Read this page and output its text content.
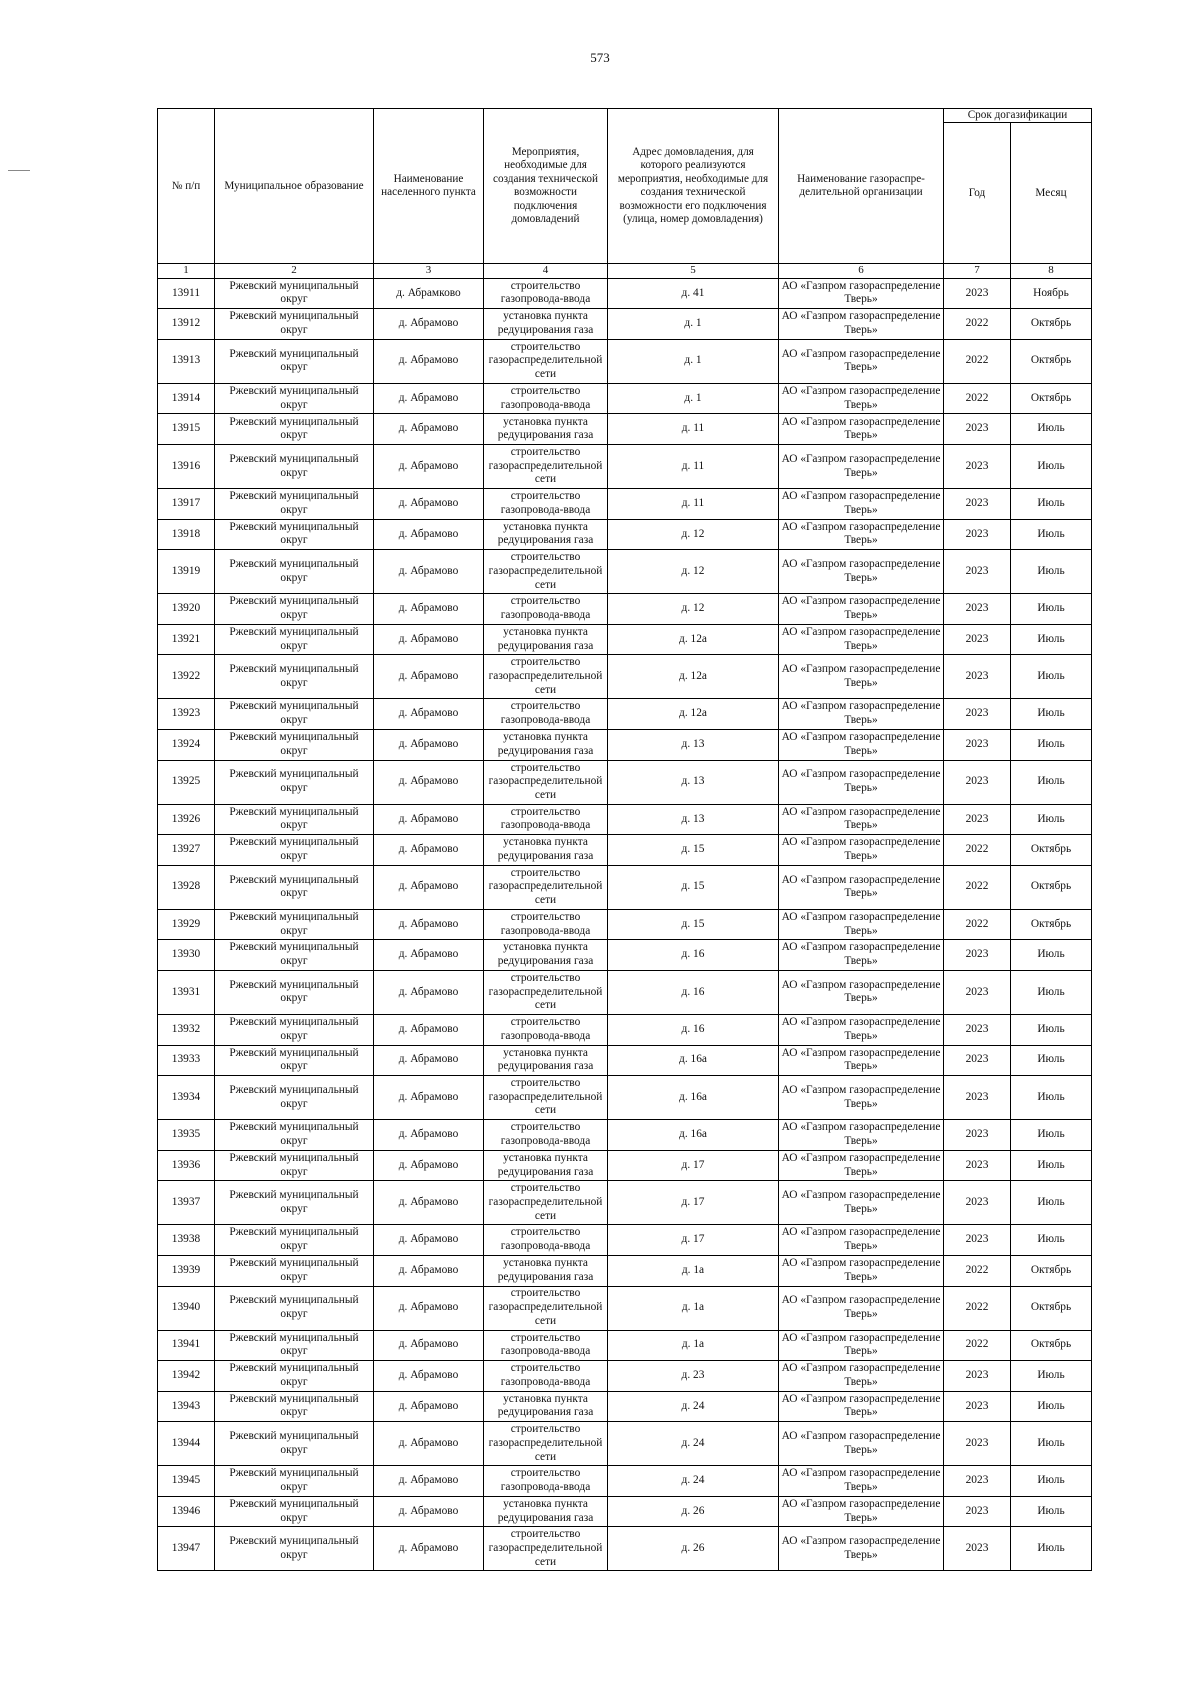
573
№ п/п	Муниципальное образование	Наименование населенного пункта	Мероприятия, необходимые для создания технической возможности подключения домовладений	Адрес домовладения, для которого реализуются мероприятия, необходимые для создания технической возможности его подключения (улица, номер домовладения)	Наименование газораспре-делительной организации	Срок догазификации	
						Год	Месяц
1	2	3	4	5	6	7	8
13911	Ржевский муниципальный округ	д. Абрамково	строительство газопровода-ввода	д. 41	АО «Газпром газораспределение Тверь»	2023	Ноябрь
13912	Ржевский муниципальный округ	д. Абрамово	установка пункта редуцирования газа	д. 1	АО «Газпром газораспределение Тверь»	2022	Октябрь
13913	Ржевский муниципальный округ	д. Абрамово	строительство газораспределительной сети	д. 1	АО «Газпром газораспределение Тверь»	2022	Октябрь
13914	Ржевский муниципальный округ	д. Абрамово	строительство газопровода-ввода	д. 1	АО «Газпром газораспределение Тверь»	2022	Октябрь
13915	Ржевский муниципальный округ	д. Абрамово	установка пункта редуцирования газа	д. 11	АО «Газпром газораспределение Тверь»	2023	Июль
13916	Ржевский муниципальный округ	д. Абрамово	строительство газораспределительной сети	д. 11	АО «Газпром газораспределение Тверь»	2023	Июль
13917	Ржевский муниципальный округ	д. Абрамово	строительство газопровода-ввода	д. 11	АО «Газпром газораспределение Тверь»	2023	Июль
13918	Ржевский муниципальный округ	д. Абрамово	установка пункта редуцирования газа	д. 12	АО «Газпром газораспределение Тверь»	2023	Июль
13919	Ржевский муниципальный округ	д. Абрамово	строительство газораспределительной сети	д. 12	АО «Газпром газораспределение Тверь»	2023	Июль
13920	Ржевский муниципальный округ	д. Абрамово	строительство газопровода-ввода	д. 12	АО «Газпром газораспределение Тверь»	2023	Июль
13921	Ржевский муниципальный округ	д. Абрамово	установка пункта редуцирования газа	д. 12а	АО «Газпром газораспределение Тверь»	2023	Июль
13922	Ржевский муниципальный округ	д. Абрамово	строительство газораспределительной сети	д. 12а	АО «Газпром газораспределение Тверь»	2023	Июль
13923	Ржевский муниципальный округ	д. Абрамово	строительство газопровода-ввода	д. 12а	АО «Газпром газораспределение Тверь»	2023	Июль
13924	Ржевский муниципальный округ	д. Абрамово	установка пункта редуцирования газа	д. 13	АО «Газпром газораспределение Тверь»	2023	Июль
13925	Ржевский муниципальный округ	д. Абрамово	строительство газораспределительной сети	д. 13	АО «Газпром газораспределение Тверь»	2023	Июль
13926	Ржевский муниципальный округ	д. Абрамово	строительство газопровода-ввода	д. 13	АО «Газпром газораспределение Тверь»	2023	Июль
13927	Ржевский муниципальный округ	д. Абрамово	установка пункта редуцирования газа	д. 15	АО «Газпром газораспределение Тверь»	2022	Октябрь
13928	Ржевский муниципальный округ	д. Абрамово	строительство газораспределительной сети	д. 15	АО «Газпром газораспределение Тверь»	2022	Октябрь
13929	Ржевский муниципальный округ	д. Абрамово	строительство газопровода-ввода	д. 15	АО «Газпром газораспределение Тверь»	2022	Октябрь
13930	Ржевский муниципальный округ	д. Абрамово	установка пункта редуцирования газа	д. 16	АО «Газпром газораспределение Тверь»	2023	Июль
13931	Ржевский муниципальный округ	д. Абрамово	строительство газораспределительной сети	д. 16	АО «Газпром газораспределение Тверь»	2023	Июль
13932	Ржевский муниципальный округ	д. Абрамово	строительство газопровода-ввода	д. 16	АО «Газпром газораспределение Тверь»	2023	Июль
13933	Ржевский муниципальный округ	д. Абрамово	установка пункта редуцирования газа	д. 16а	АО «Газпром газораспределение Тверь»	2023	Июль
13934	Ржевский муниципальный округ	д. Абрамово	строительство газораспределительной сети	д. 16а	АО «Газпром газораспределение Тверь»	2023	Июль
13935	Ржевский муниципальный округ	д. Абрамово	строительство газопровода-ввода	д. 16а	АО «Газпром газораспределение Тверь»	2023	Июль
13936	Ржевский муниципальный округ	д. Абрамово	установка пункта редуцирования газа	д. 17	АО «Газпром газораспределение Тверь»	2023	Июль
13937	Ржевский муниципальный округ	д. Абрамово	строительство газораспределительной сети	д. 17	АО «Газпром газораспределение Тверь»	2023	Июль
13938	Ржевский муниципальный округ	д. Абрамово	строительство газопровода-ввода	д. 17	АО «Газпром газораспределение Тверь»	2023	Июль
13939	Ржевский муниципальный округ	д. Абрамово	установка пункта редуцирования газа	д. 1а	АО «Газпром газораспределение Тверь»	2022	Октябрь
13940	Ржевский муниципальный округ	д. Абрамово	строительство газораспределительной сети	д. 1а	АО «Газпром газораспределение Тверь»	2022	Октябрь
13941	Ржевский муниципальный округ	д. Абрамово	строительство газопровода-ввода	д. 1а	АО «Газпром газораспределение Тверь»	2022	Октябрь
13942	Ржевский муниципальный округ	д. Абрамово	строительство газопровода-ввода	д. 23	АО «Газпром газораспределение Тверь»	2023	Июль
13943	Ржевский муниципальный округ	д. Абрамово	установка пункта редуцирования газа	д. 24	АО «Газпром газораспределение Тверь»	2023	Июль
13944	Ржевский муниципальный округ	д. Абрамово	строительство газораспределительной сети	д. 24	АО «Газпром газораспределение Тверь»	2023	Июль
13945	Ржевский муниципальный округ	д. Абрамово	строительство газопровода-ввода	д. 24	АО «Газпром газораспределение Тверь»	2023	Июль
13946	Ржевский муниципальный округ	д. Абрамово	установка пункта редуцирования газа	д. 26	АО «Газпром газораспределение Тверь»	2023	Июль
13947	Ржевский муниципальный округ	д. Абрамово	строительство газораспределительной сети	д. 26	АО «Газпром газораспределение Тверь»	2023	Июль
